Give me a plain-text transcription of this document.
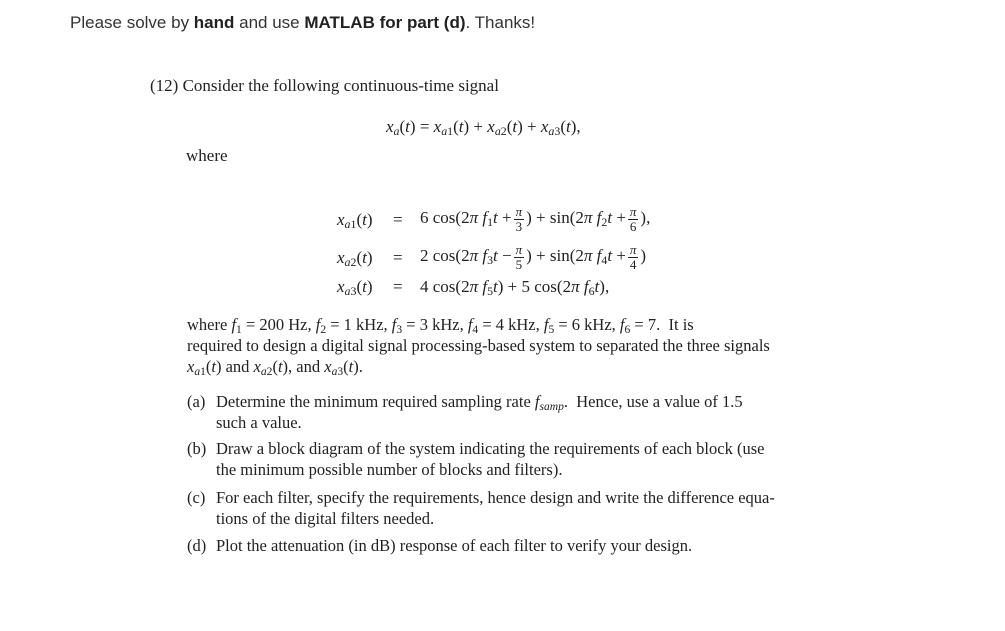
Please solve by hand and use MATLAB for part (d). Thanks!
(12) Consider the following continuous-time signal
$x_a(t) = x_{a1}(t) + x_{a2}(t) + x_{a3}(t)$,
where
$x_{a1}(t) = 6$ cos(2π $f_1t + \frac{\pi}{3}$ ) + sin(2π $f_2t + \frac{\pi}{6}$ ),
$x_{a2}(t) = 2$ cos(2π $f_3t - \frac{\pi}{5}$ ) + sin(2π $f_4t + \frac{\pi}{4}$ )
$x_{a3}(t) = 4$ cos(2π $f_5t) + 5$ cos(2π $f_6t$),
where $f_1 = 200$ Hz, $f_2 = 1$ kHz, $f_3 = 3$ kHz, $f_4 = 4$ kHz, $f_5 = 6$ kHz, $f_6 = 7$. It is
required to design a digital signal processing-based system to separated the three signals
$x_{a1}(t)$ and $x_{a2}(t)$, and $x_{a3}(t)$.
(a) Determine the minimum required sampling rate $f_{samp}$.  Hence, use a value of 1.5
such a value.
(b) Draw a block diagram of the system indicating the requirements of each block (use
the minimum possible number of blocks and filters).
(c) For each filter, specify the requirements, hence design and write the difference equa-
tions of the digital filters needed.
(d) Plot the attenuation (in dB) response of each filter to verify your design.
